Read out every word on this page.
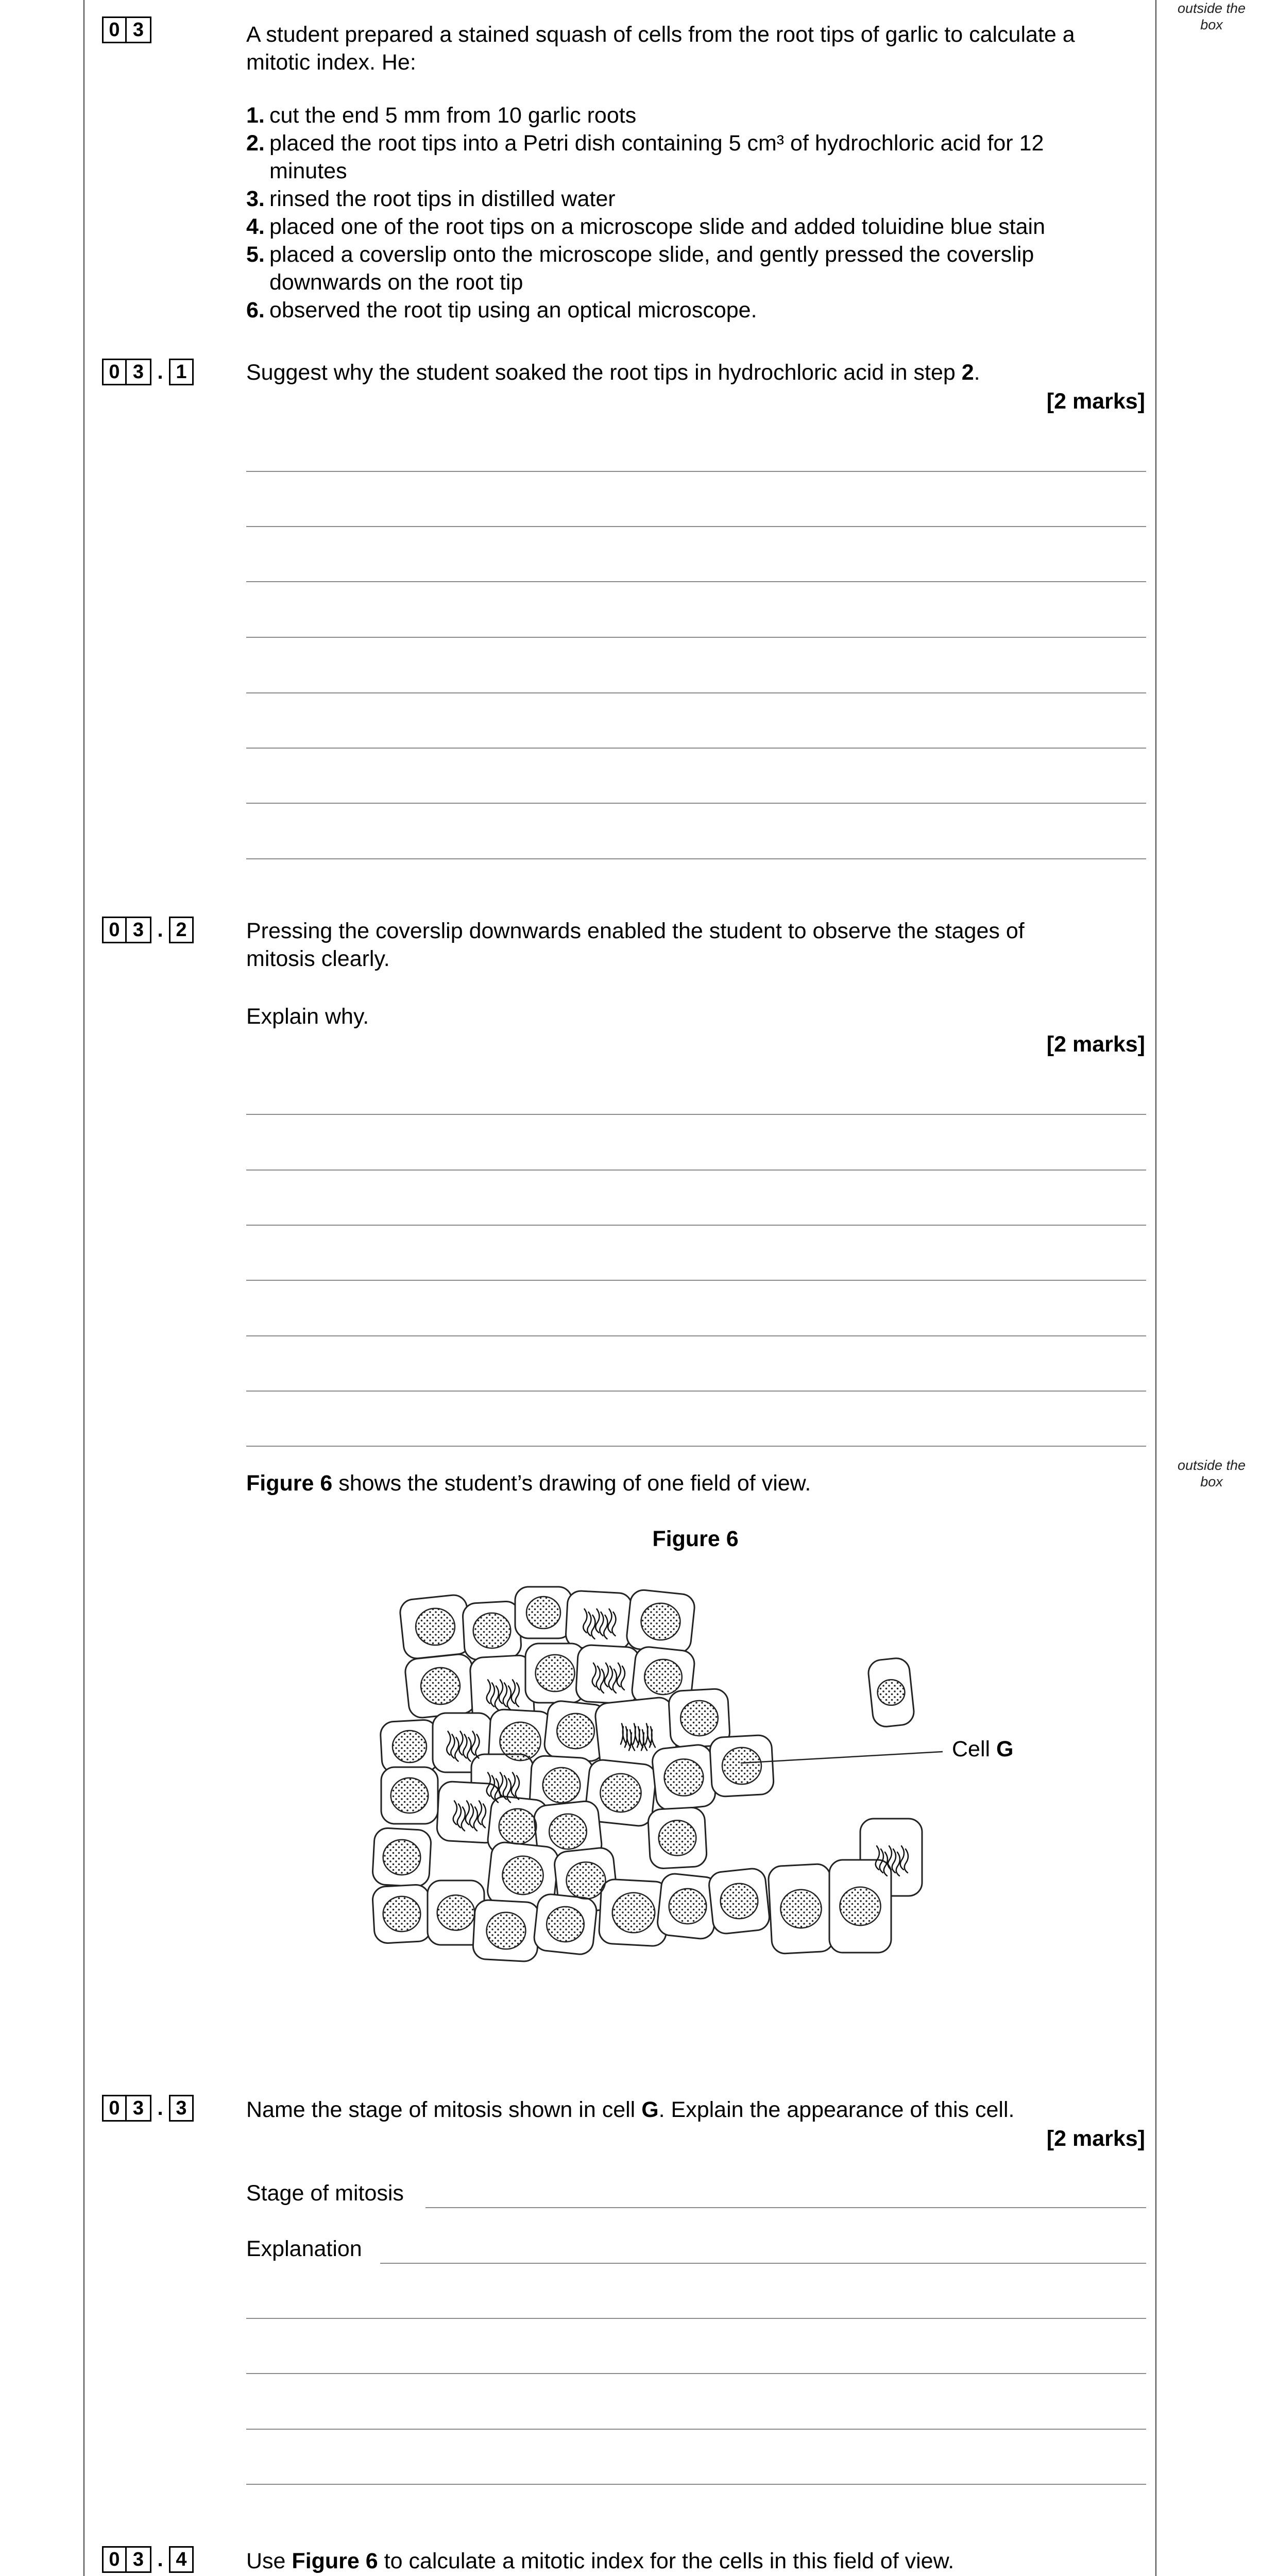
outside the box
outside the box
0 3	A student prepared a stained squash of cells from the root tips of garlic to calculate a
mitotic index. He:
1. cut the end 5 mm from 10 garlic roots
2. placed the root tips into a Petri dish containing 5 cm³ of hydrochloric acid for 12 minutes
3. rinsed the root tips in distilled water
4. placed one of the root tips on a microscope slide and added toluidine blue stain
5. placed a coverslip onto the microscope slide, and gently pressed the coverslip downwards on the root tip
6. observed the root tip using an optical microscope.
0 3 . 1	Suggest why the student soaked the root tips in hydrochloric acid in step 2.
[2 marks]
0 3 . 2	Pressing the coverslip downwards enabled the student to observe the stages of
mitosis clearly.
Explain why.
[2 marks]
Figure 6 shows the student’s drawing of one field of view.
Figure 6
Cell G
0 3 . 3	Name the stage of mitosis shown in cell G. Explain the appearance of this cell.
[2 marks]
Stage of mitosis
Explanation
0 3 . 4	Use Figure 6 to calculate a mitotic index for the cells in this field of view.
